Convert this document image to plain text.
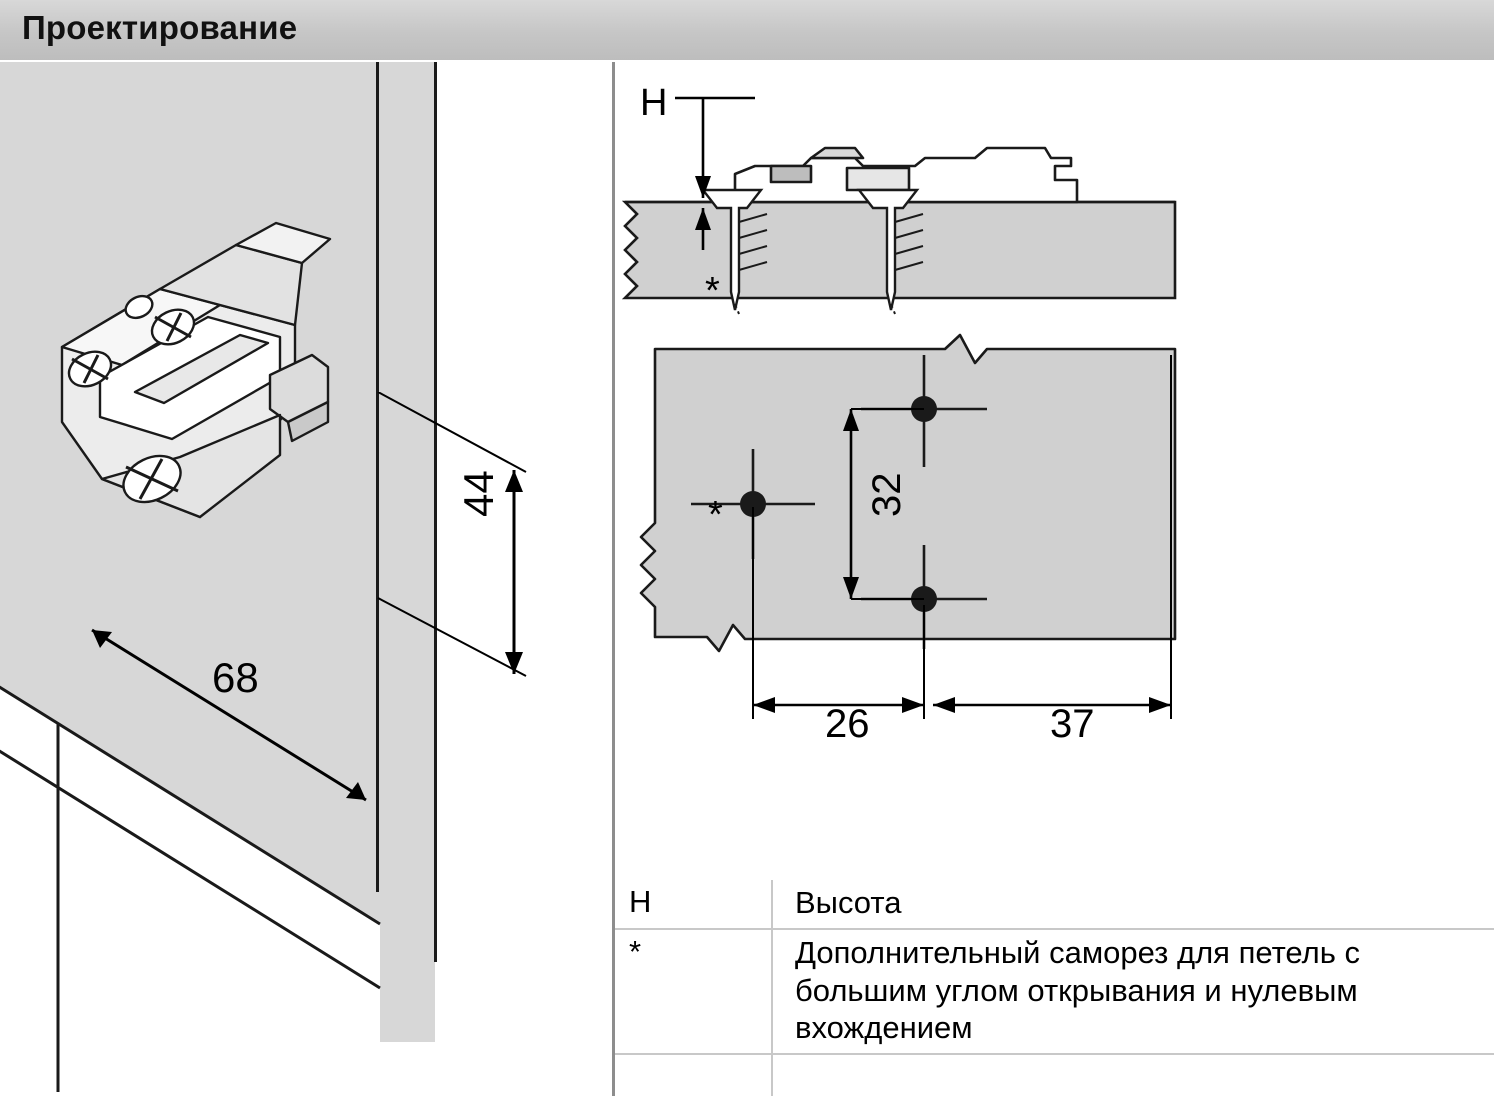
Проектирование
68
44
H
*
*	32
26	37
H	Высота
*	Дополнительный саморез для петель с большим углом открывания и нулевым вхождением
